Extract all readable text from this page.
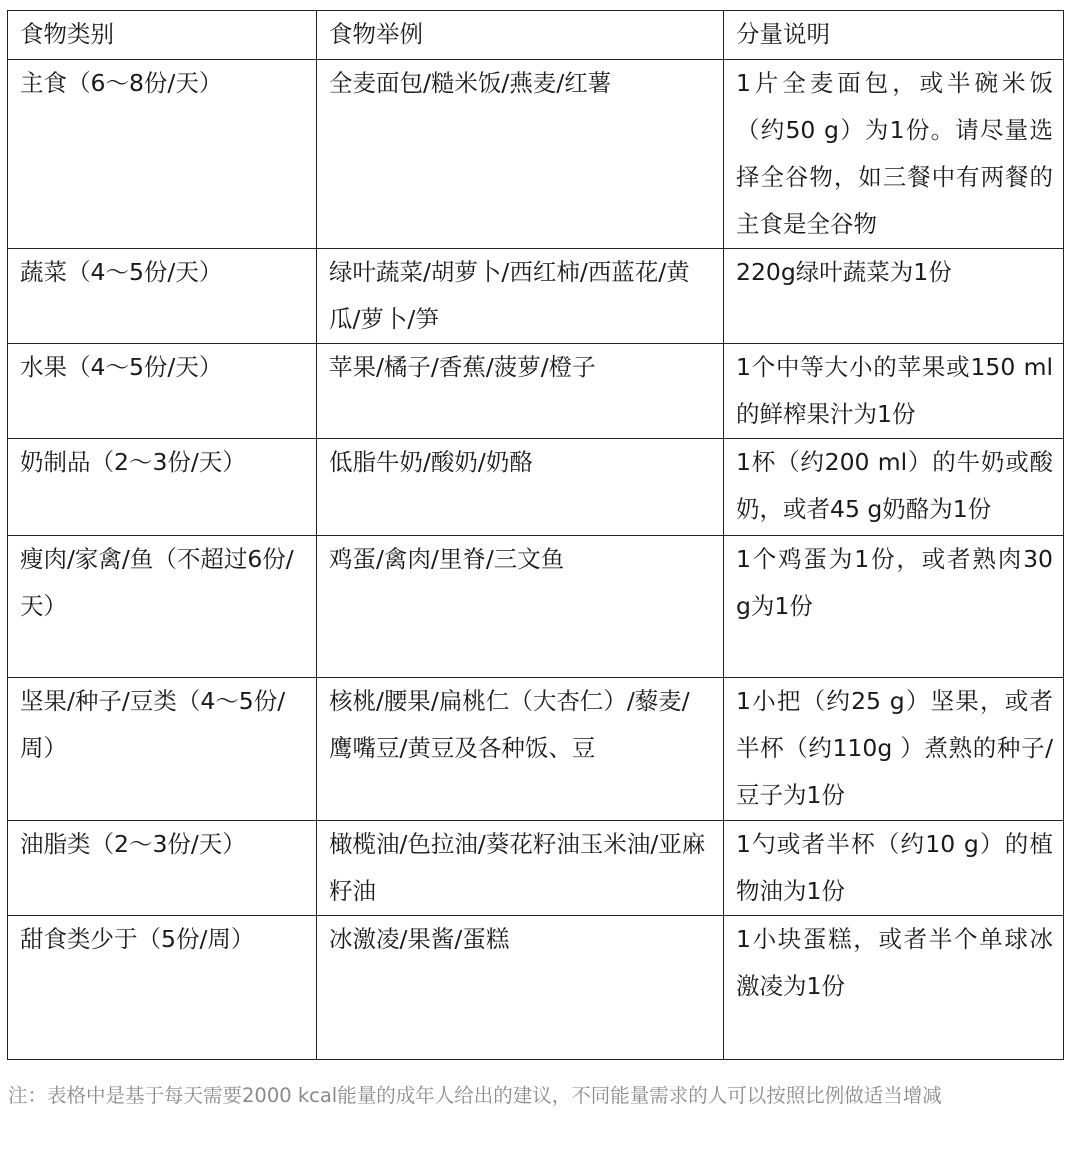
食物类别	食物举例	分量说明
主食（6～8份/天）	全麦面包/糙米饭/燕麦/红薯	1片全麦面包，或半碗米饭（约50 g）为1份。请尽量选择全谷物，如三餐中有两餐的主食是全谷物
蔬菜（4～5份/天）	绿叶蔬菜/胡萝卜/西红柿/西蓝花/黄瓜/萝卜/笋	220g绿叶蔬菜为1份
水果（4～5份/天）	苹果/橘子/香蕉/菠萝/橙子	1个中等大小的苹果或150 ml的鲜榨果汁为1份
奶制品（2～3份/天）	低脂牛奶/酸奶/奶酪	1杯（约200 ml）的牛奶或酸奶，或者45 g奶酪为1份
瘦肉/家禽/鱼（不超过6份/天）	鸡蛋/禽肉/里脊/三文鱼	1个鸡蛋为1份，或者熟肉30 g为1份
坚果/种子/豆类（4～5份/周）	核桃/腰果/扁桃仁（大杏仁）/藜麦/鹰嘴豆/黄豆及各种饭、豆	1小把（约25 g）坚果，或者半杯（约110g ）煮熟的种子/豆子为1份
油脂类（2～3份/天）	橄榄油/色拉油/葵花籽油玉米油/亚麻籽油	1勺或者半杯（约10 g）的植物油为1份
甜食类少于（5份/周）	冰激凌/果酱/蛋糕	1小块蛋糕，或者半个单球冰激凌为1份
注：表格中是基于每天需要2000 kcal能量的成年人给出的建议，不同能量需求的人可以按照比例做适当增减
